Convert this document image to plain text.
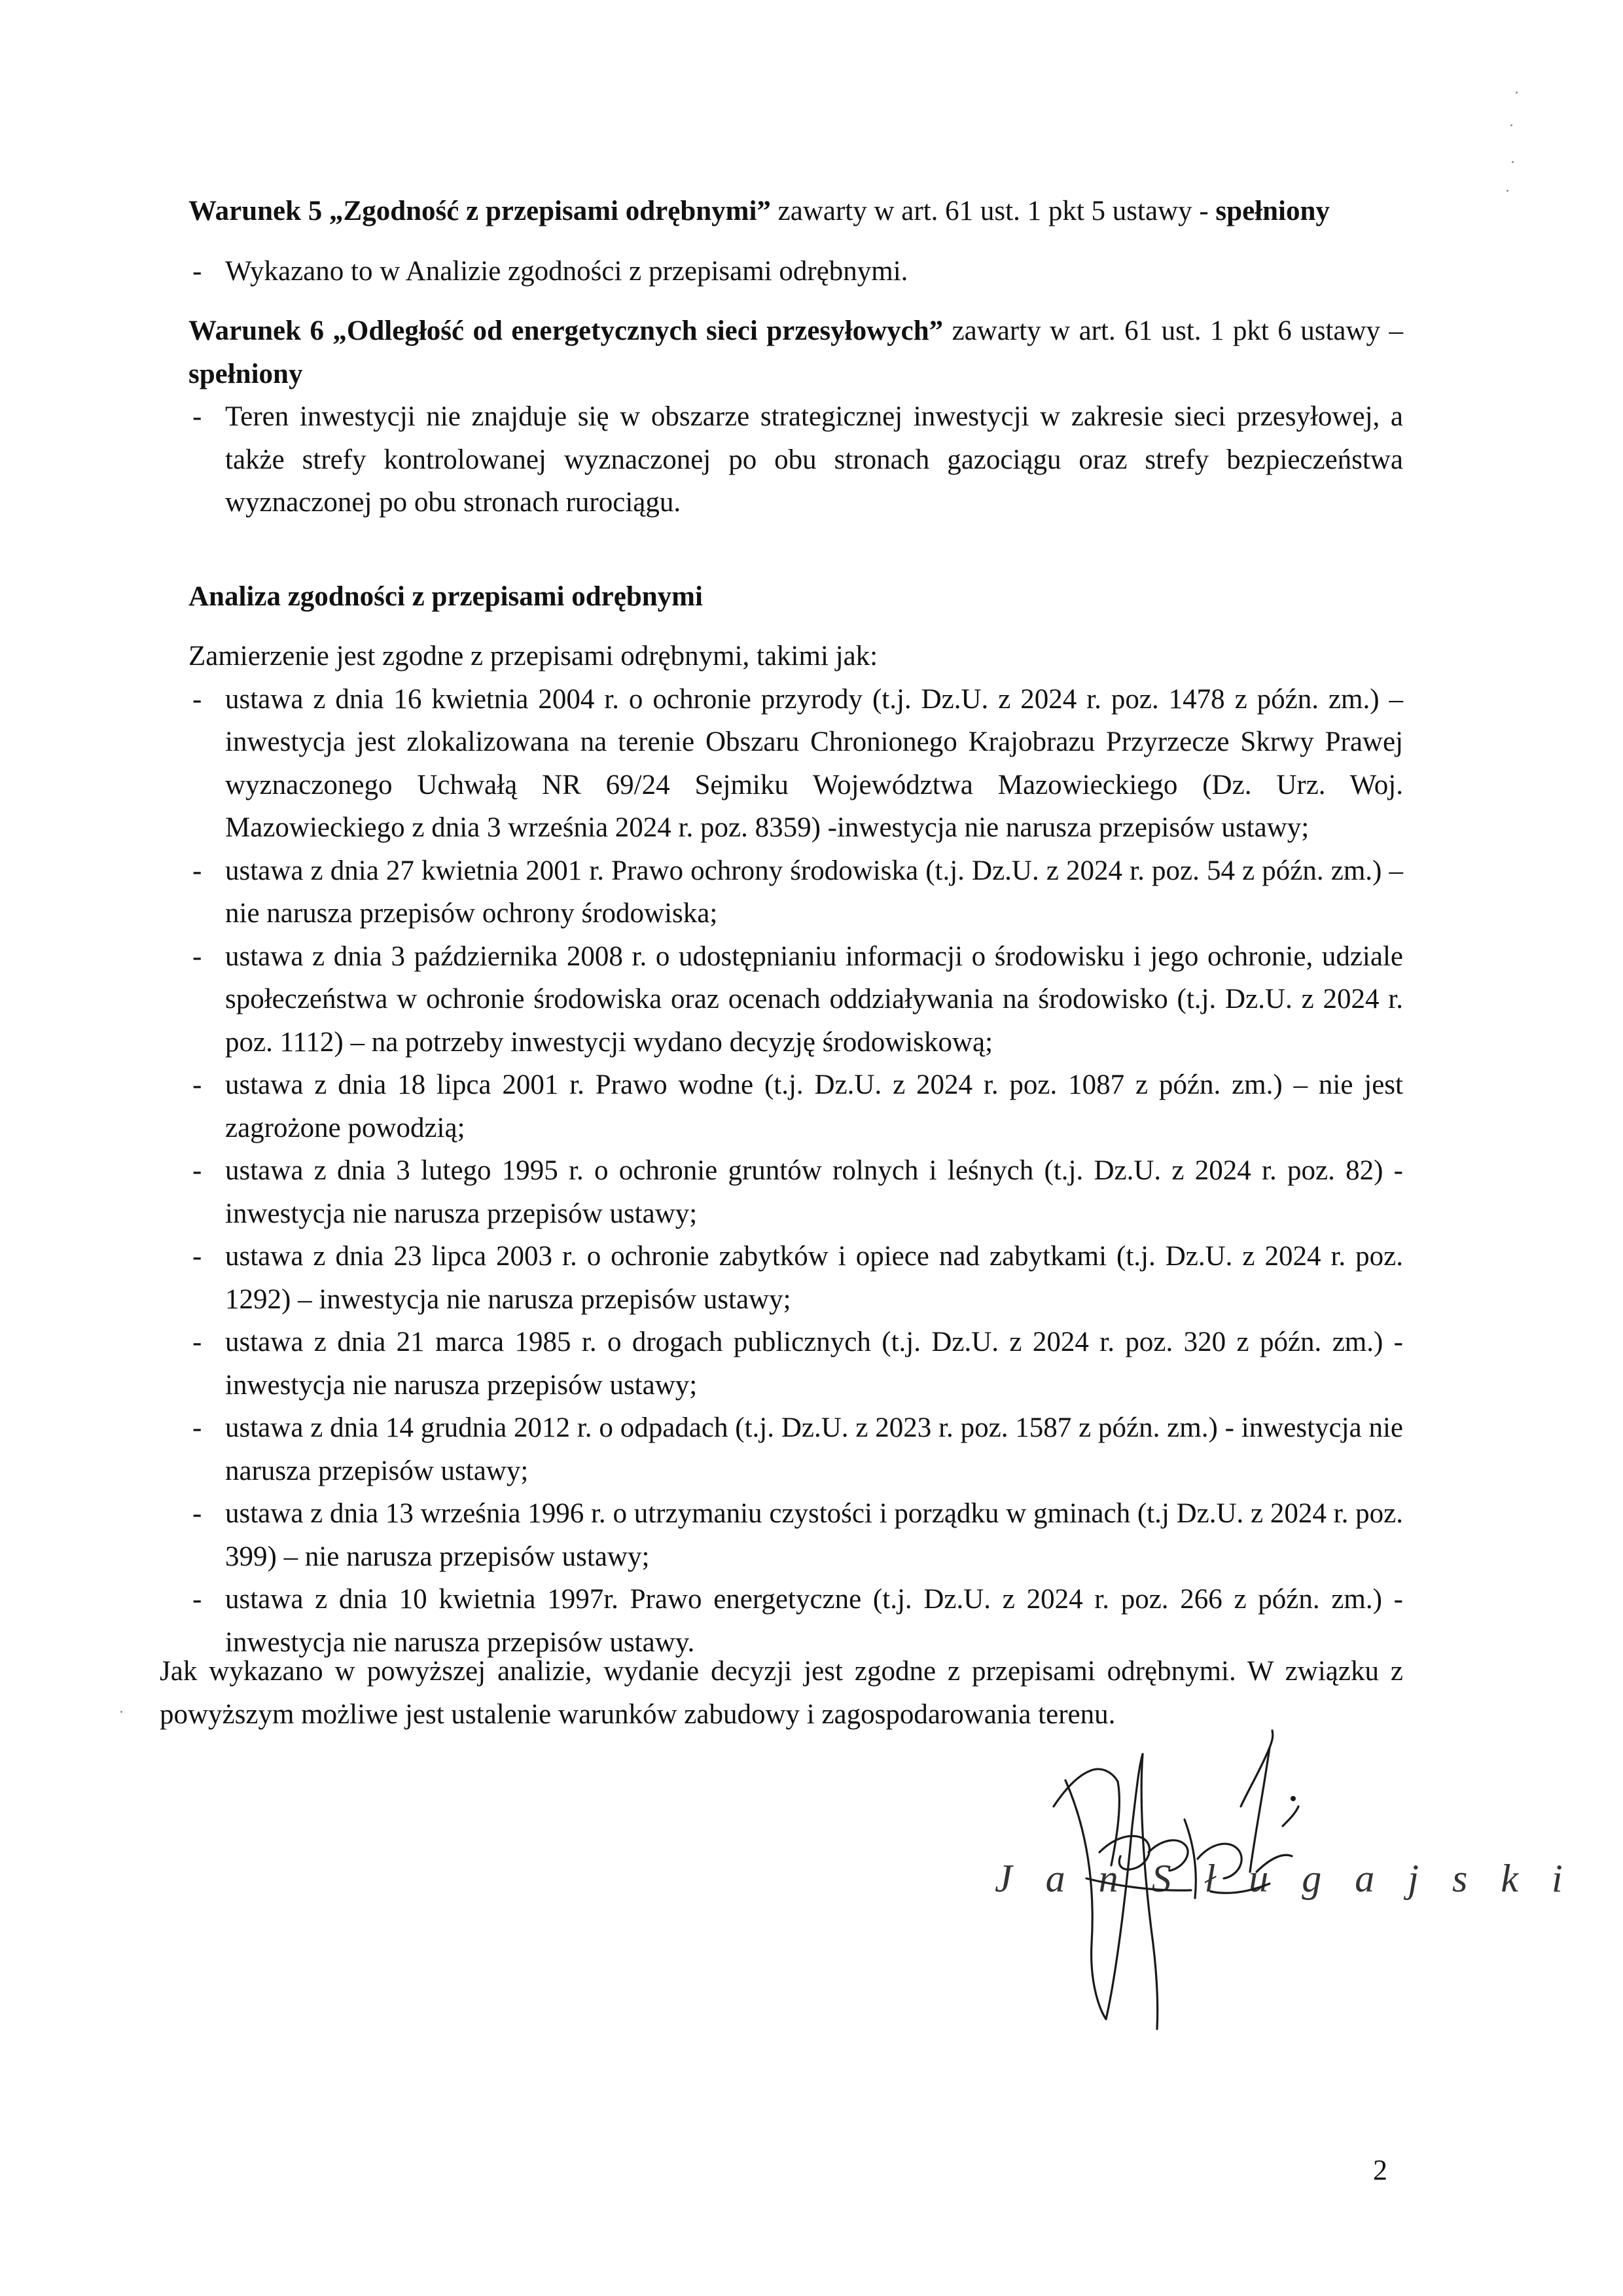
Warunek 5 „Zgodność z przepisami odrębnymi” zawarty w art. 61 ust. 1 pkt 5 ustawy - spełniony

- Wykazano to w Analizie zgodności z przepisami odrębnymi.

Warunek 6 „Odległość od energetycznych sieci przesyłowych” zawarty w art. 61 ust. 1 pkt 6 ustawy – spełniony

- Teren inwestycji nie znajduje się w obszarze strategicznej inwestycji w zakresie sieci przesyłowej, a także strefy kontrolowanej wyznaczonej po obu stronach gazociągu oraz strefy bezpieczeństwa wyznaczonej po obu stronach rurociągu.

Analiza zgodności z przepisami odrębnymi

Zamierzenie jest zgodne z przepisami odrębnymi, takimi jak:

- ustawa z dnia 16 kwietnia 2004 r. o ochronie przyrody (t.j. Dz.U. z 2024 r. poz. 1478 z późn. zm.) – inwestycja jest zlokalizowana na terenie Obszaru Chronionego Krajobrazu Przyrzecze Skrwy Prawej wyznaczonego Uchwałą NR 69/24 Sejmiku Województwa Mazowieckiego (Dz. Urz. Woj. Mazowieckiego z dnia 3 września 2024 r. poz. 8359) -inwestycja nie narusza przepisów ustawy;
- ustawa z dnia 27 kwietnia 2001 r. Prawo ochrony środowiska (t.j. Dz.U. z 2024 r. poz. 54 z późn. zm.) – nie narusza przepisów ochrony środowiska;
- ustawa z dnia 3 października 2008 r. o udostępnianiu informacji o środowisku i jego ochronie, udziale społeczeństwa w ochronie środowiska oraz ocenach oddziaływania na środowisko (t.j. Dz.U. z 2024 r. poz. 1112) – na potrzeby inwestycji wydano decyzję środowiskową;
- ustawa z dnia 18 lipca 2001 r. Prawo wodne (t.j. Dz.U. z 2024 r. poz. 1087 z późn. zm.) – nie jest zagrożone powodzią;
- ustawa z dnia 3 lutego 1995 r. o ochronie gruntów rolnych i leśnych (t.j. Dz.U. z 2024 r. poz. 82) - inwestycja nie narusza przepisów ustawy;
- ustawa z dnia 23 lipca 2003 r. o ochronie zabytków i opiece nad zabytkami (t.j. Dz.U. z 2024 r. poz. 1292) – inwestycja nie narusza przepisów ustawy;
- ustawa z dnia 21 marca 1985 r. o drogach publicznych (t.j. Dz.U. z 2024 r. poz. 320 z późn. zm.) - inwestycja nie narusza przepisów ustawy;
- ustawa z dnia 14 grudnia 2012 r. o odpadach (t.j. Dz.U. z 2023 r. poz. 1587 z późn. zm.) - inwestycja nie narusza przepisów ustawy;
- ustawa z dnia 13 września 1996 r. o utrzymaniu czystości i porządku w gminach (t.j Dz.U. z 2024 r. poz. 399) – nie narusza przepisów ustawy;
- ustawa z dnia 10 kwietnia 1997r. Prawo energetyczne (t.j. Dz.U. z 2024 r. poz. 266 z późn. zm.) - inwestycja nie narusza przepisów ustawy.

Jak wykazano w powyższej analizie, wydanie decyzji jest zgodne z przepisami odrębnymi. W związku z powyższym możliwe jest ustalenie warunków zabudowy i zagospodarowania terenu.

J a n S ł u g a j s k i
2
